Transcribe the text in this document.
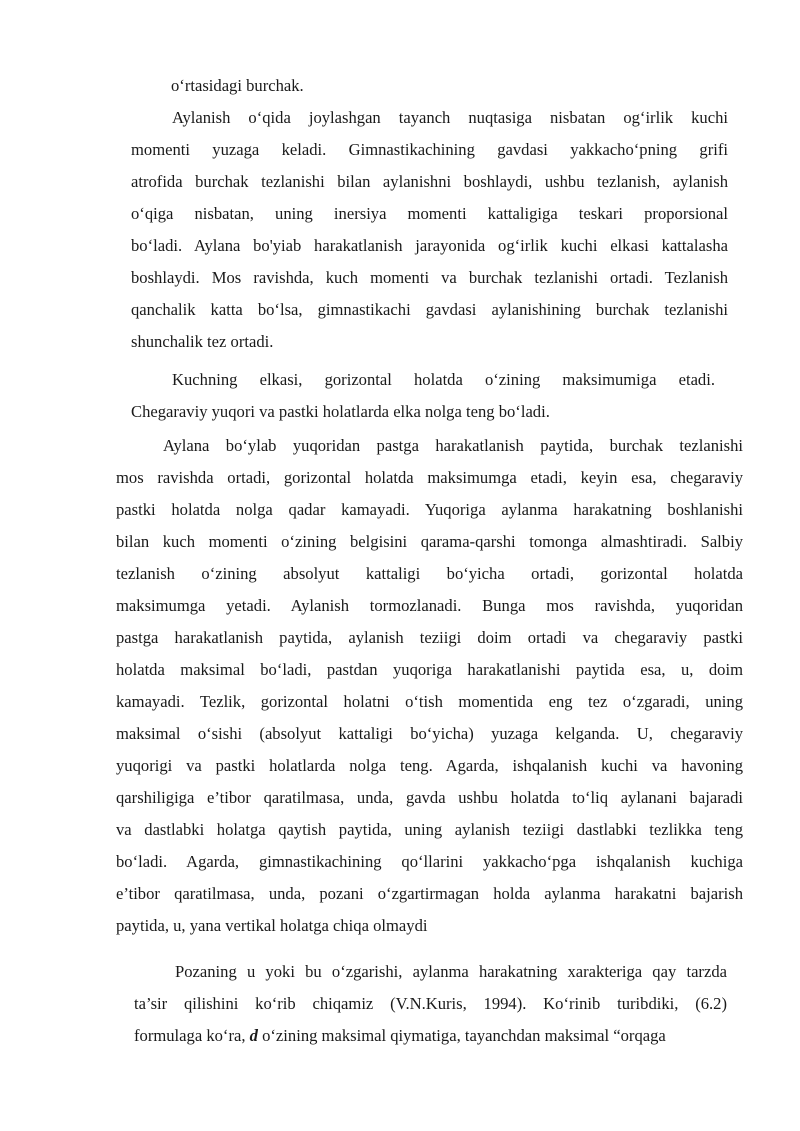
o‘rtasidagi burchak.
Aylanish o‘qida joylashgan tayanch nuqtasiga nisbatan og‘irlik kuchi
momenti yuzaga keladi. Gimnastikachining gavdasi yakkacho‘pning grifi
atrofida burchak tezlanishi bilan aylanishni boshlaydi, ushbu tezlanish, aylanish
o‘qiga nisbatan, uning inersiya momenti kattaligiga teskari proporsional
bo‘ladi. Aylana bo'yiab harakatlanish jarayonida og‘irlik kuchi elkasi kattalasha
boshlaydi. Mos ravishda, kuch momenti va burchak tezlanishi ortadi. Tezlanish
qanchalik katta bo‘lsa, gimnastikachi gavdasi aylanishining burchak tezlanishi
shunchalik tez ortadi.
Kuchning elkasi, gorizontal holatda o‘zining maksimumiga etadi.
Chegaraviy yuqori va pastki holatlarda elka nolga teng bo‘ladi.
Aylana bo‘ylab yuqoridan pastga harakatlanish paytida, burchak tezlanishi
mos ravishda ortadi, gorizontal holatda maksimumga etadi, keyin esa, chegaraviy
pastki holatda nolga qadar kamayadi. Yuqoriga aylanma harakatning boshlanishi
bilan kuch momenti o‘zining belgisini qarama-qarshi tomonga almashtiradi. Salbiy
tezlanish o‘zining absolyut kattaligi bo‘yicha ortadi, gorizontal holatda
maksimumga yetadi. Aylanish tormozlanadi. Bunga mos ravishda, yuqoridan
pastga harakatlanish paytida, aylanish teziigi doim ortadi va chegaraviy pastki
holatda maksimal bo‘ladi, pastdan yuqoriga harakatlanishi paytida esa, u, doim
kamayadi. Tezlik, gorizontal holatni o‘tish momentida eng tez o‘zgaradi, uning
maksimal o‘sishi (absolyut kattaligi bo‘yicha) yuzaga kelganda. U, chegaraviy
yuqorigi va pastki holatlarda nolga teng. Agarda, ishqalanish kuchi va havoning
qarshiligiga e’tibor qaratilmasa, unda, gavda ushbu holatda to‘liq aylanani bajaradi
va dastlabki holatga qaytish paytida, uning aylanish teziigi dastlabki tezlikka teng
bo‘ladi. Agarda, gimnastikachining qo‘llarini yakkacho‘pga ishqalanish kuchiga
e’tibor qaratilmasa, unda, pozani o‘zgartirmagan holda aylanma harakatni bajarish
paytida, u, yana vertikal holatga chiqa olmaydi
Pozaning u yoki bu o‘zgarishi, aylanma harakatning xarakteriga qay tarzda
ta’sir qilishini ko‘rib chiqamiz (V.N.Kuris, 1994). Ko‘rinib turibdiki, (6.2)
formulaga ko‘ra, d o‘zining maksimal qiymatiga, tayanchdan maksimal “orqaga
